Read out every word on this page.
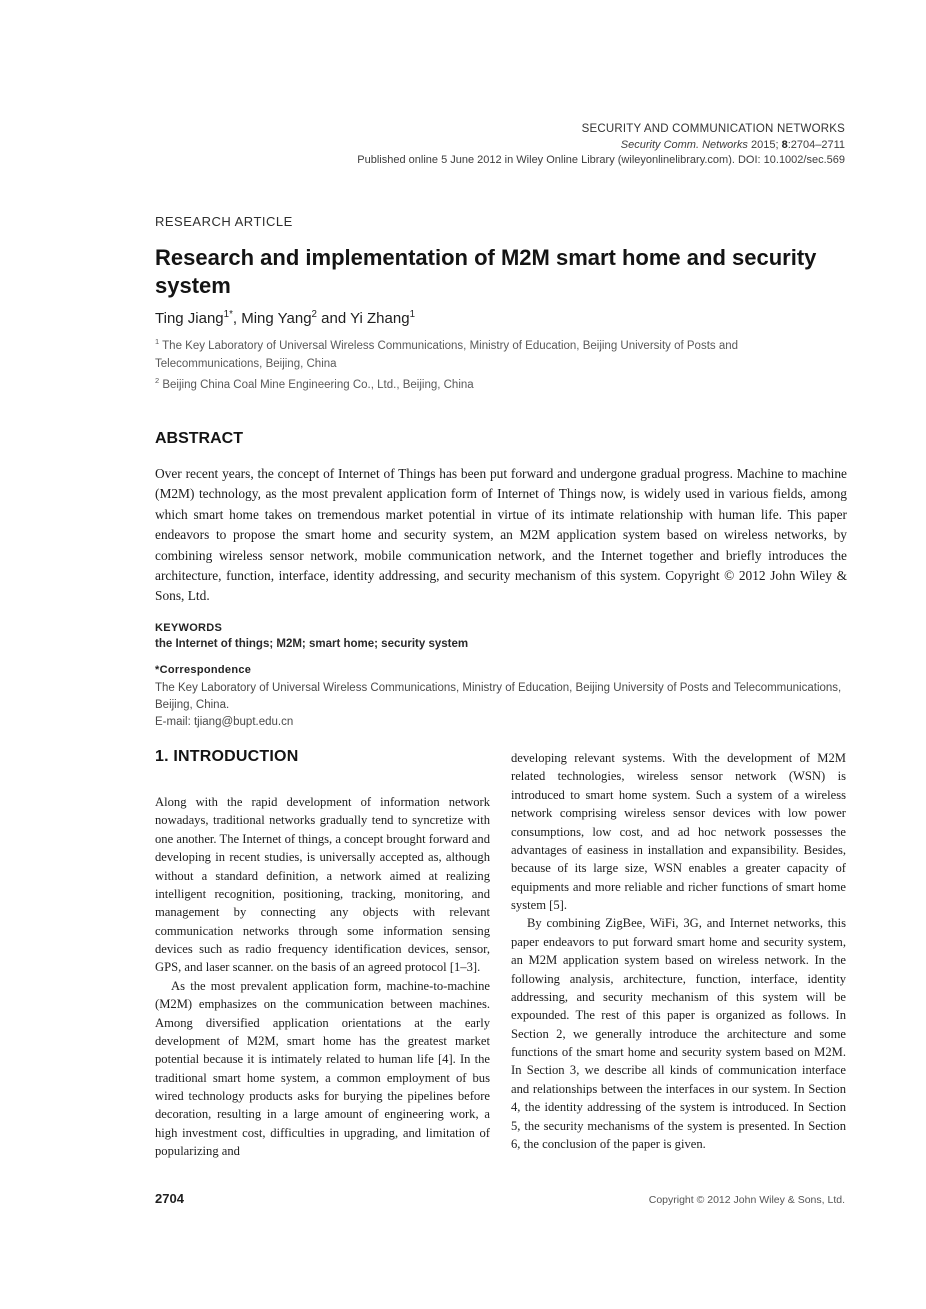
SECURITY AND COMMUNICATION NETWORKS
Security Comm. Networks 2015; 8:2704–2711
Published online 5 June 2012 in Wiley Online Library (wileyonlinelibrary.com). DOI: 10.1002/sec.569
RESEARCH ARTICLE
Research and implementation of M2M smart home and security system
Ting Jiang$^{1*}$, Ming Yang$^2$ and Yi Zhang$^1$
$^1$ The Key Laboratory of Universal Wireless Communications, Ministry of Education, Beijing University of Posts and Telecommunications, Beijing, China
$^2$ Beijing China Coal Mine Engineering Co., Ltd., Beijing, China
ABSTRACT

Over recent years, the concept of Internet of Things has been put forward and undergone gradual progress. Machine to machine (M2M) technology, as the most prevalent application form of Internet of Things now, is widely used in various fields, among which smart home takes on tremendous market potential in virtue of its intimate relationship with human life. This paper endeavors to propose the smart home and security system, an M2M application system based on wireless networks, by combining wireless sensor network, mobile communication network, and the Internet together and briefly introduces the architecture, function, interface, identity addressing, and security mechanism of this system. Copyright © 2012 John Wiley & Sons, Ltd.

KEYWORDS

the Internet of things; M2M; smart home; security system

*Correspondence

The Key Laboratory of Universal Wireless Communications, Ministry of Education, Beijing University of Posts and Telecommunications, Beijing, China.

E-mail: tjiang@bupt.edu.cn

1. INTRODUCTION

Along with the rapid development of information network nowadays, traditional networks gradually tend to syncretize with one another. The Internet of things, a concept brought forward and developing in recent studies, is universally accepted as, although without a standard definition, a network aimed at realizing intelligent recognition, positioning, tracking, monitoring, and management by connecting any objects with relevant communication networks through some information sensing devices such as radio frequency identification devices, sensor, GPS, and laser scanner. on the basis of an agreed protocol [1–3].

As the most prevalent application form, machine-to-machine (M2M) emphasizes on the communication between machines. Among diversified application orientations at the early development of M2M, smart home has the greatest market potential because it is intimately related to human life [4]. In the traditional smart home system, a common employment of bus wired technology products asks for burying the pipelines before decoration, resulting in a large amount of engineering work, a high investment cost, difficulties in upgrading, and limitation of popularizing and

developing relevant systems. With the development of M2M related technologies, wireless sensor network (WSN) is introduced to smart home system. Such a system of a wireless network comprising wireless sensor devices with low power consumptions, low cost, and ad hoc network possesses the advantages of easiness in installation and expansibility. Besides, because of its large size, WSN enables a greater capacity of equipments and more reliable and richer functions of smart home system [5].

By combining ZigBee, WiFi, 3G, and Internet networks, this paper endeavors to put forward smart home and security system, an M2M application system based on wireless network. In the following analysis, architecture, function, interface, identity addressing, and security mechanism of this system will be expounded. The rest of this paper is organized as follows. In Section 2, we generally introduce the architecture and some functions of the smart home and security system based on M2M. In Section 3, we describe all kinds of communication interface and relationships between the interfaces in our system. In Section 4, the identity addressing of the system is introduced. In Section 5, the security mechanisms of the system is presented. In Section 6, the conclusion of the paper is given.

2704	Copyright © 2012 John Wiley & Sons, Ltd.
